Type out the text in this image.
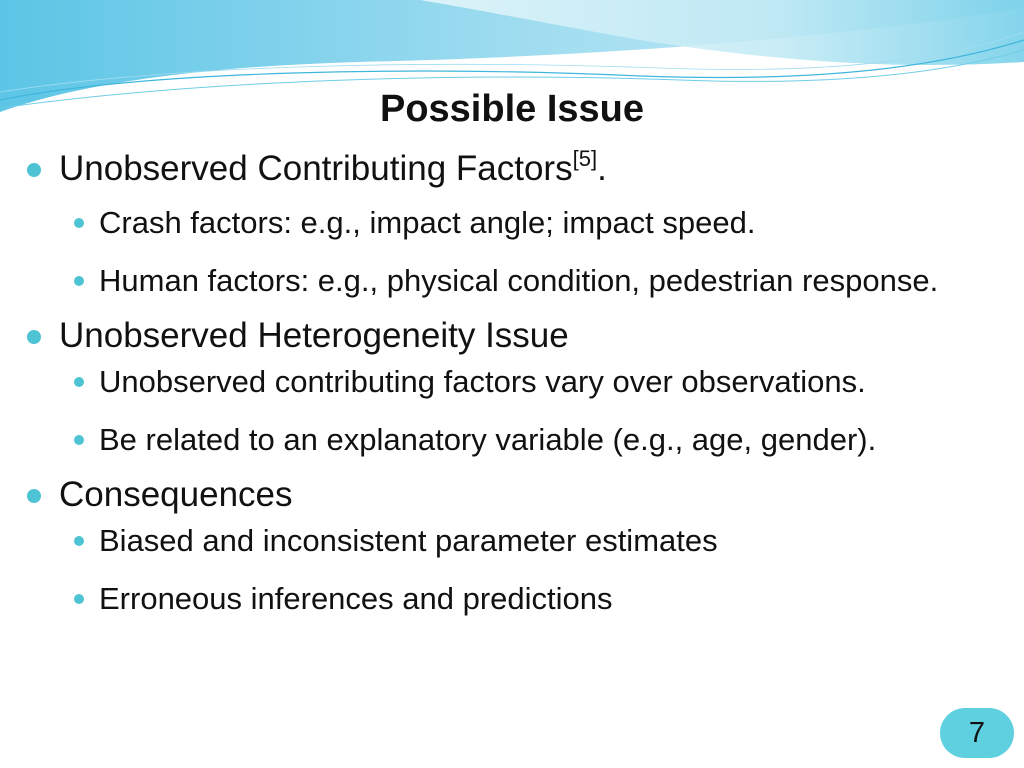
Possible Issue
Unobserved Contributing Factors[5].
Crash factors: e.g., impact angle; impact speed.
Human factors: e.g., physical condition, pedestrian response.
Unobserved Heterogeneity Issue
Unobserved contributing factors vary over observations.
Be related to an explanatory variable (e.g., age, gender).
Consequences
Biased and inconsistent parameter estimates
Erroneous inferences and predictions
7
